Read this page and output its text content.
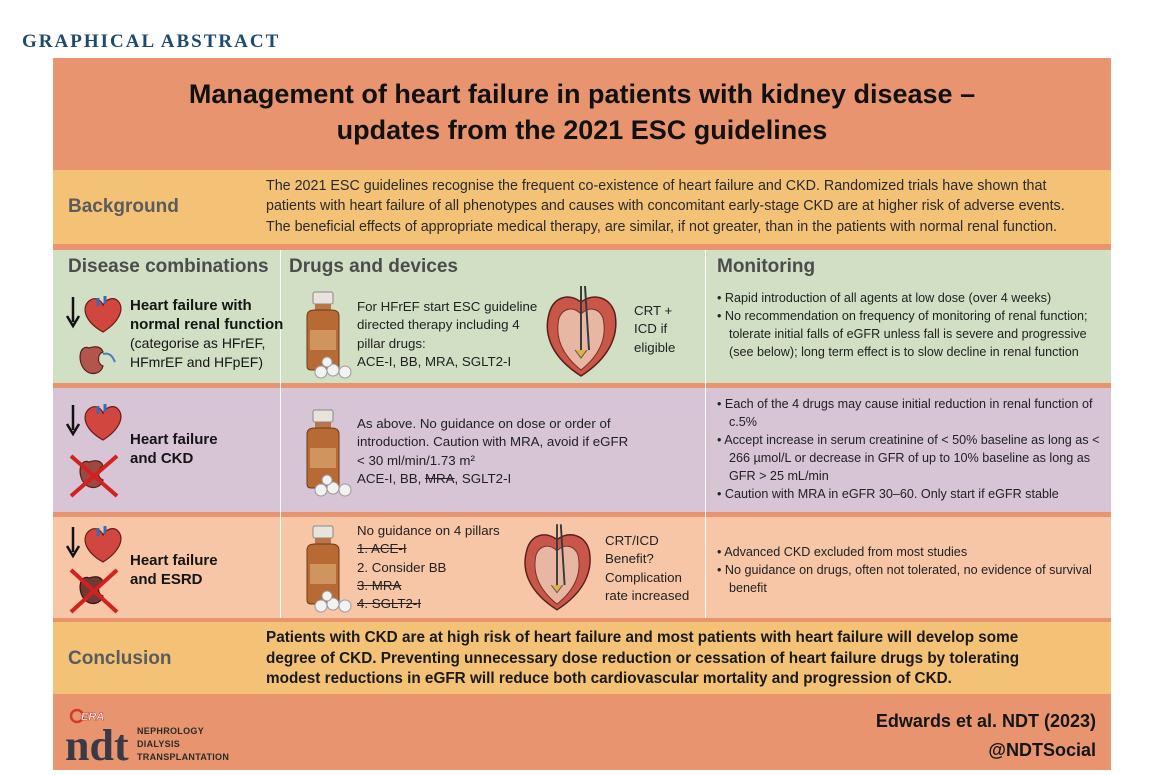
GRAPHICAL ABSTRACT
Management of heart failure in patients with kidney disease –
updates from the 2021 ESC guidelines
Background
The 2021 ESC guidelines recognise the frequent co-existence of heart failure and CKD. Randomized trials have shown that
patients with heart failure of all phenotypes and causes with concomitant early-stage CKD are at higher risk of adverse events.
The beneficial effects of appropriate medical therapy, are similar, if not greater, than in the patients with normal renal function.
Disease combinations Drugs and devices	Monitoring
Heart failure with
normal renal function
(categorise as HFrEF,
HFmrEF and HFpEF)
For HFrEF start ESC guideline
directed therapy including 4
pillar drugs:
ACE-I, BB, MRA, SGLT2-I
CRT +
ICD if
eligible
• Rapid introduction of all agents at low dose (over 4 weeks)
• No recommendation on frequency of monitoring of renal function; tolerate initial falls of eGFR unless fall is severe and progressive (see below); long term effect is to slow decline in renal function
Heart failure
and CKD
As above. No guidance on dose or order of
introduction. Caution with MRA, avoid if eGFR
< 30 ml/min/1.73 m²
ACE-I, BB, MRA, SGLT2-I
• Each of the 4 drugs may cause initial reduction in renal function of c.5%
• Accept increase in serum creatinine of < 50% baseline as long as < 266 µmol/L or decrease in GFR of up to 10% baseline as long as GFR > 25 mL/min
• Caution with MRA in eGFR 30–60. Only start if eGFR stable
Heart failure
and ESRD
No guidance on 4 pillars
1. ACE-I
2. Consider BB
3. MRA
4. SGLT2-I
CRT/ICD
Benefit?
Complication
rate increased
• Advanced CKD excluded from most studies
• No guidance on drugs, often not tolerated, no evidence of survival benefit
Conclusion
Patients with CKD are at high risk of heart failure and most patients with heart failure will develop some
degree of CKD. Preventing unnecessary dose reduction or cessation of heart failure drugs by tolerating
modest reductions in eGFR will reduce both cardiovascular mortality and progression of CKD.
ERA
ndt NEPHROLOGY
DIALYSIS
TRANSPLANTATION
Edwards et al. NDT (2023)
@NDTSocial
